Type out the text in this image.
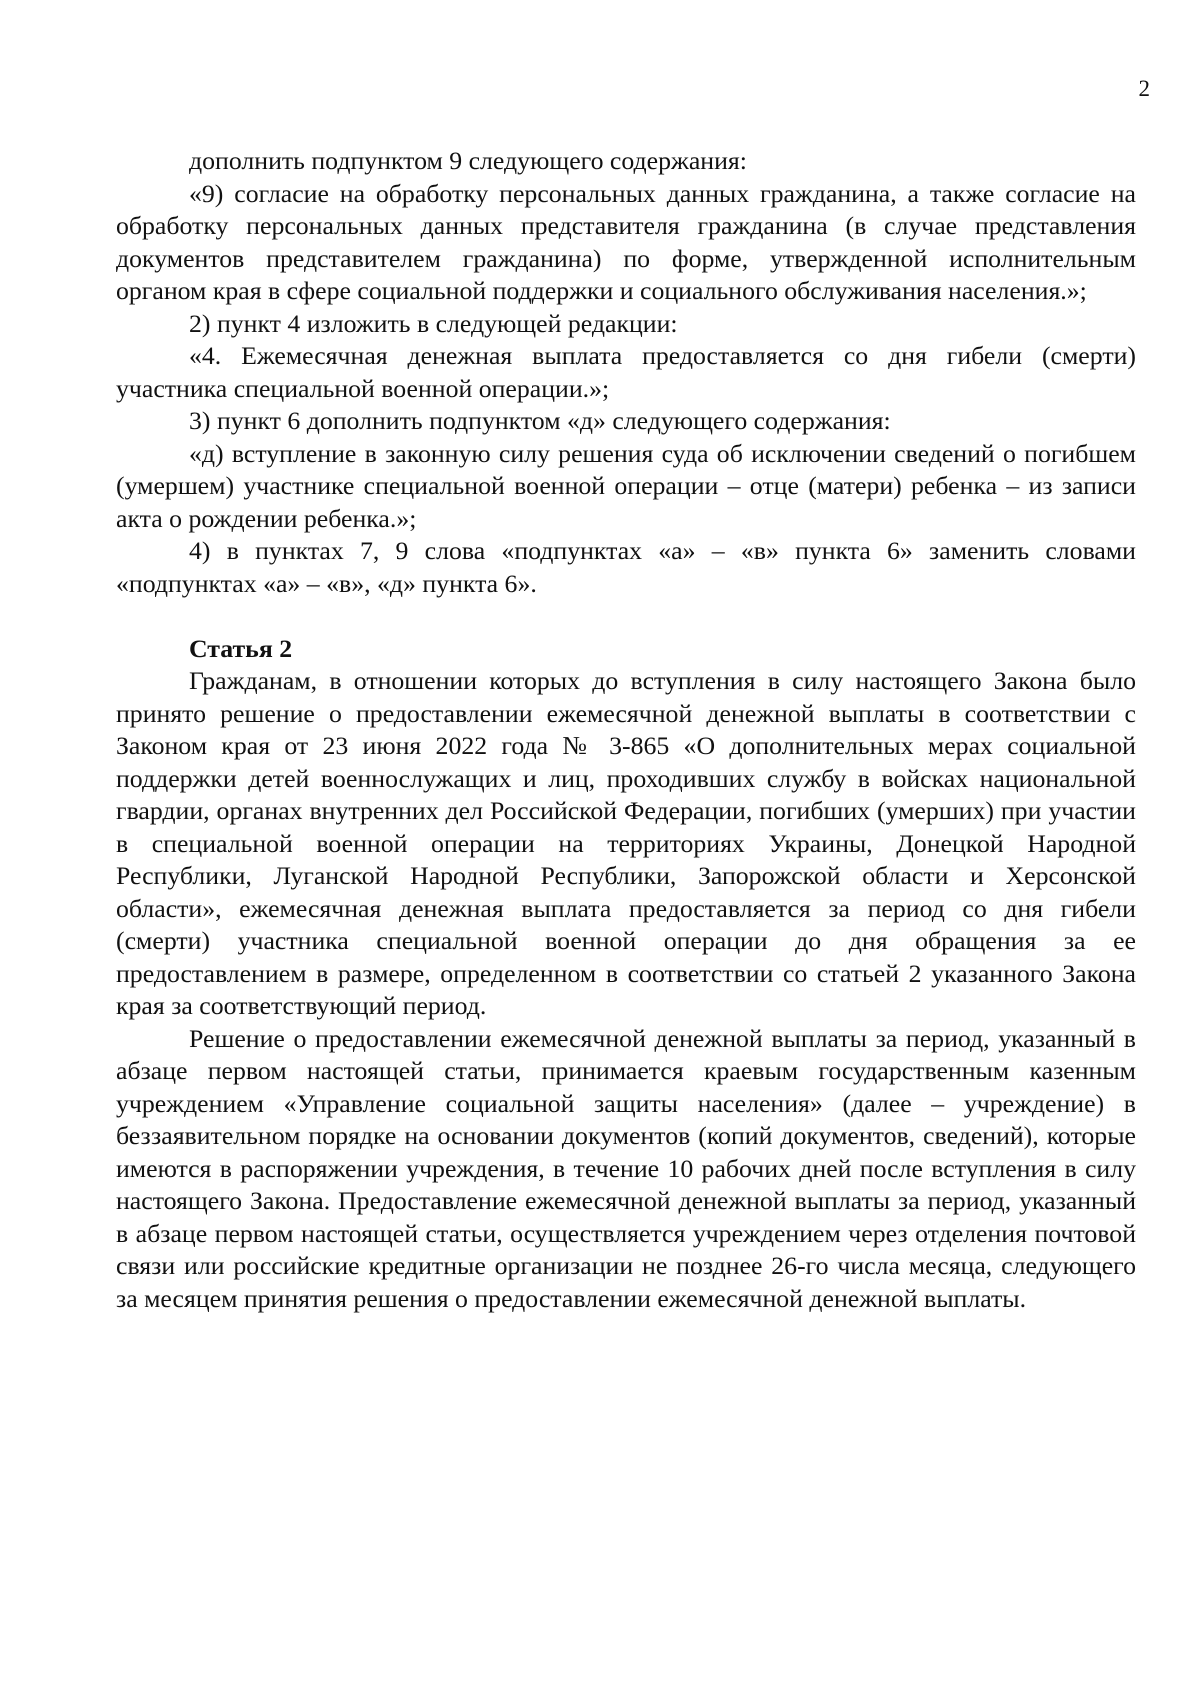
2

дополнить подпунктом 9 следующего содержания:

«9) согласие на обработку персональных данных гражданина, а также согласие на обработку персональных данных представителя гражданина (в случае представления документов представителем гражданина) по форме, утвержденной исполнительным органом края в сфере социальной поддержки и социального обслуживания населения.»;

2) пункт 4 изложить в следующей редакции:

«4. Ежемесячная денежная выплата предоставляется со дня гибели (смерти) участника специальной военной операции.»;

3) пункт 6 дополнить подпунктом «д» следующего содержания:

«д) вступление в законную силу решения суда об исключении сведений о погибшем (умершем) участнике специальной военной операции – отце (матери) ребенка – из записи акта о рождении ребенка.»;

4) в пунктах 7, 9 слова «подпунктах «а» – «в» пункта 6» заменить словами «подпунктах «а» – «в», «д» пункта 6».

Статья 2

Гражданам, в отношении которых до вступления в силу настоящего Закона было принято решение о предоставлении ежемесячной денежной выплаты в соответствии с Законом края от 23 июня 2022 года № 3-865 «О дополнительных мерах социальной поддержки детей военнослужащих и лиц, проходивших службу в войсках национальной гвардии, органах внутренних дел Российской Федерации, погибших (умерших) при участии в специальной военной операции на территориях Украины, Донецкой Народной Республики, Луганской Народной Республики, Запорожской области и Херсонской области», ежемесячная денежная выплата предоставляется за период со дня гибели (смерти) участника специальной военной операции до дня обращения за ее предоставлением в размере, определенном в соответствии со статьей 2 указанного Закона края за соответствующий период.

Решение о предоставлении ежемесячной денежной выплаты за период, указанный в абзаце первом настоящей статьи, принимается краевым государственным казенным учреждением «Управление социальной защиты населения» (далее – учреждение) в беззаявительном порядке на основании документов (копий документов, сведений), которые имеются в распоряжении учреждения, в течение 10 рабочих дней после вступления в силу настоящего Закона. Предоставление ежемесячной денежной выплаты за период, указанный в абзаце первом настоящей статьи, осуществляется учреждением через отделения почтовой связи или российские кредитные организации не позднее 26-го числа месяца, следующего за месяцем принятия решения о предоставлении ежемесячной денежной выплаты.
